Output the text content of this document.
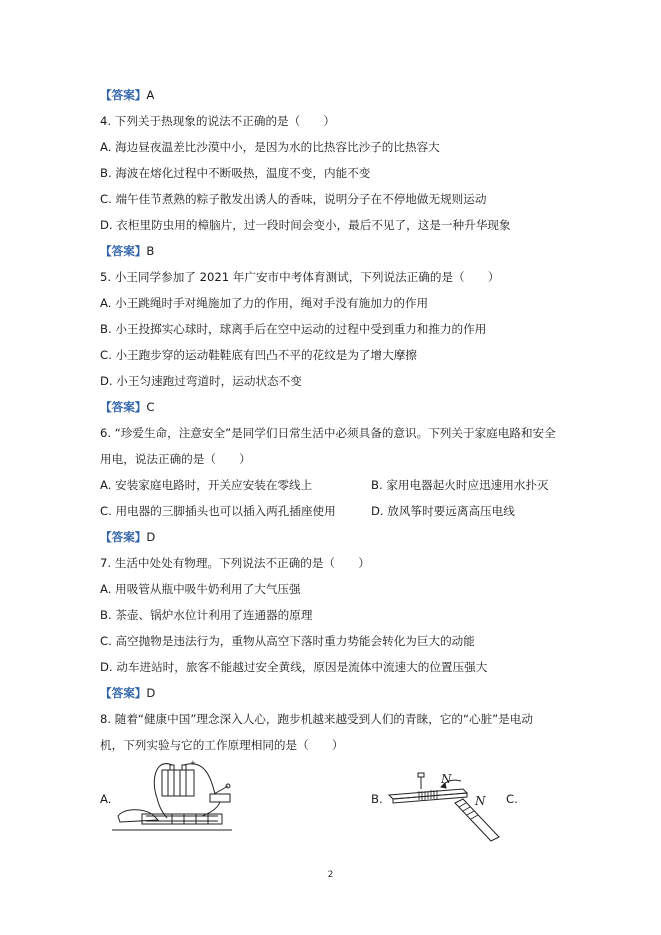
【答案】A
4. 下列关于热现象的说法不正确的是（　　）
A. 海边昼夜温差比沙漠中小，是因为水的比热容比沙子的比热容大
B. 海波在熔化过程中不断吸热，温度不变，内能不变
C. 端午佳节煮熟的粽子散发出诱人的香味，说明分子在不停地做无规则运动
D. 衣柜里防虫用的樟脑片，过一段时间会变小，最后不见了，这是一种升华现象
【答案】B
5. 小王同学参加了 2021 年广安市中考体育测试，下列说法正确的是（　　）
A. 小王跳绳时手对绳施加了力的作用，绳对手没有施加力的作用
B. 小王投掷实心球时，球离手后在空中运动的过程中受到重力和推力的作用
C. 小王跑步穿的运动鞋鞋底有凹凸不平的花纹是为了增大摩擦
D. 小王匀速跑过弯道时，运动状态不变
【答案】C
6. “珍爱生命，注意安全”是同学们日常生活中必须具备的意识。下列关于家庭电路和安全
用电，说法正确的是（　　）
A. 安装家庭电路时，开关应安装在零线上	B. 家用电器起火时应迅速用水扑灭
C. 用电器的三脚插头也可以插入两孔插座使用	D. 放风筝时要远离高压电线
【答案】D
7. 生活中处处有物理。下列说法不正确的是（　　）
A. 用吸管从瓶中吸牛奶利用了大气压强
B. 茶壶、锅炉水位计利用了连通器的原理
C. 高空抛物是违法行为，重物从高空下落时重力势能会转化为巨大的动能
D. 动车进站时，旅客不能越过安全黄线，原因是流体中流速大的位置压强大
【答案】D
8. 随着“健康中国”理念深入人心，跑步机越来越受到人们的青睐，它的“心脏”是电动
机，下列实验与它的工作原理相同的是（　　）
A.
+
B.
N
N C.
2
